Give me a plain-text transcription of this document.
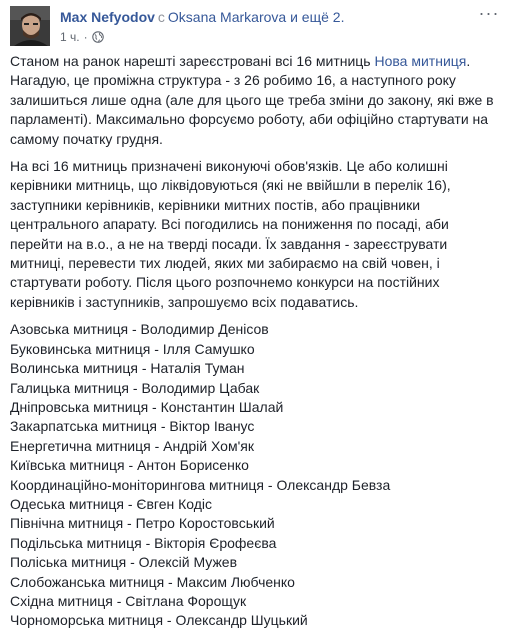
Max Nefyodov с Oksana Markarova и ещё 2.
1 ч. ·
···

Станом на ранок нарешті зареєстровані всі 16 митниць Нова митниця. Нагадую, це проміжна структура - з 26 робимо 16, а наступного року залишиться лише одна (але для цього ще треба зміни до закону, які вже в парламенті). Максимально форсуємо роботу, аби офіційно стартувати на самому початку грудня.

На всі 16 митниць призначені виконуючі обов'язків. Це або колишні керівники митниць, що ліквідовуються (які не ввійшли в перелік 16), заступники керівників, керівники митних постів, або працівники центрального апарату. Всі погодились на пониження по посаді, аби перейти на в.о., а не на тверді посади. Їх завдання - зареєструвати митниці, перевести тих людей, яких ми забираємо на свій човен, і стартувати роботу. Після цього розпочнемо конкурси на постійних керівників і заступників, запрошуємо всіх подаватись.

Азовська митниця - Володимир Денісов
Буковинська митниця - Ілля Самушко
Волинська митниця - Наталія Туман
Галицька митниця - Володимир Цабак
Дніпровська митниця - Константин Шалай
Закарпатська митниця - Віктор Іванус
Енергетична митниця - Андрій Хом'як
Київська митниця - Антон Борисенко
Координаційно-моніторингова митниця - Олександр Бевза
Одеська митниця - Євген Кодіс
Північна митниця - Петро Коростовський
Подільська митниця - Вікторія Єрофеєва
Поліська митниця - Олексій Мужев
Слобожанська митниця - Максим Любченко
Східна митниця - Світлана Форощук
Чорноморська митниця - Олександр Шуцький
